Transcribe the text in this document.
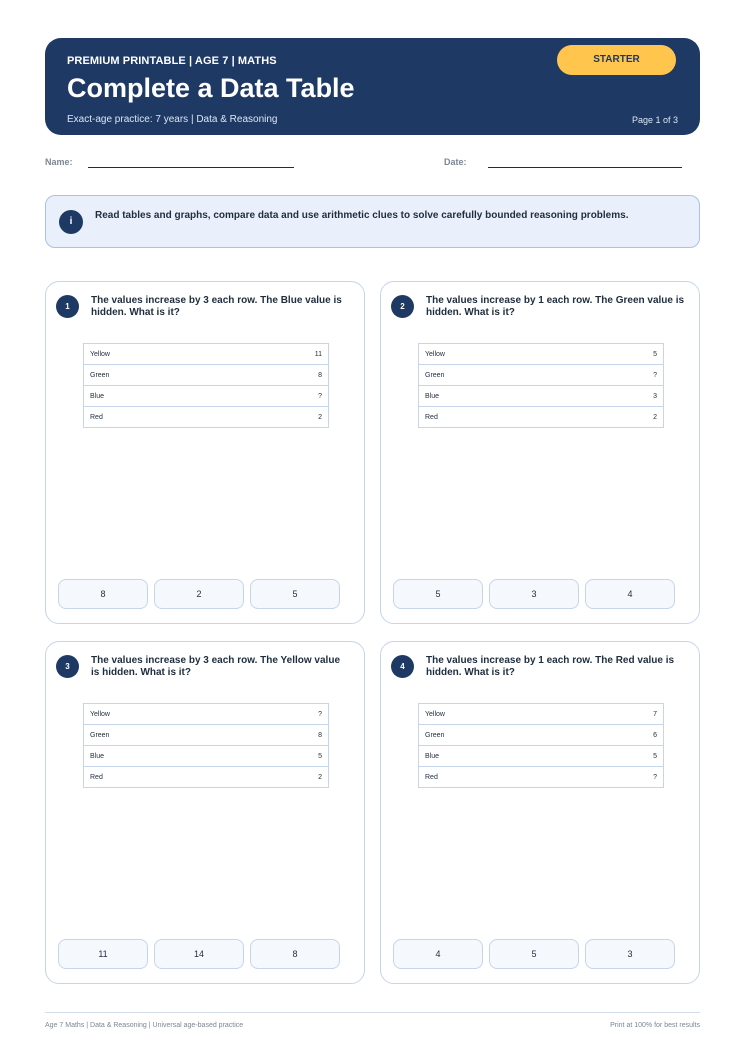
PREMIUM PRINTABLE | AGE 7 | MATHS
Complete a Data Table
Exact-age practice: 7 years | Data & Reasoning	Page 1 of 3
STARTER
Name:	Date:
i
Read tables and graphs, compare data and use arithmetic clues to solve carefully bounded reasoning problems.
1
The values increase by 3 each row. The Blue value is hidden. What is it?
Yellow	11
Green	8
Blue	?
Red	2
8	2	5
2
The values increase by 1 each row. The Green value is hidden. What is it?
Yellow	5
Green	?
Blue	3
Red	2
5	3	4
3
The values increase by 3 each row. The Yellow value is hidden. What is it?
Yellow	?
Green	8
Blue	5
Red	2
11	14	8
4
The values increase by 1 each row. The Red value is hidden. What is it?
Yellow	7
Green	6
Blue	5
Red	?
4	5	3
Age 7 Maths | Data & Reasoning | Universal age-based practice	Print at 100% for best results
